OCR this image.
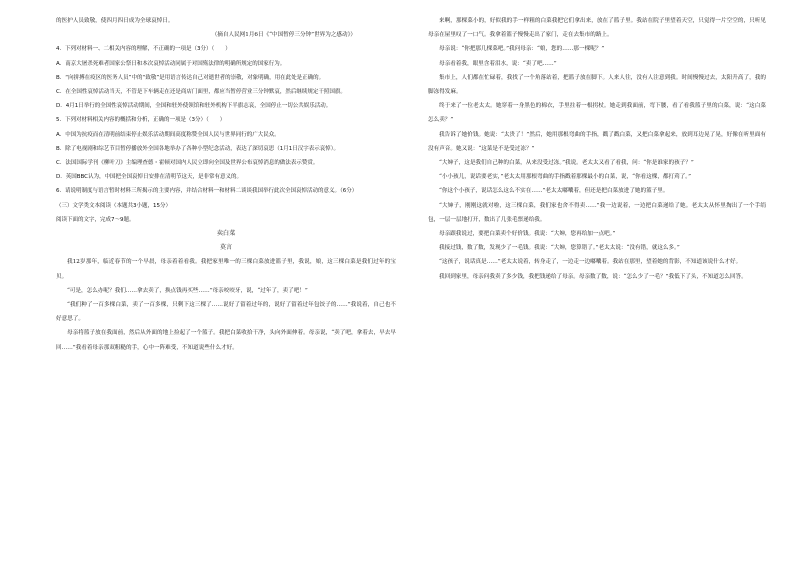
的医护人员致敬，使四月四日成为全球哀悼日。

（摘自人民网1月6日《“中国暂停三分钟”世界为之感动》）

4．下列对材料一、二相关内容的理解，不正确的一项是（3分）（　　）

A．南京大屠杀死难者国家公祭日和本次哀悼活动同属于对国殇法律的明确所规定的国家行为。

B．“向拼搏在疫区的医务人员”中的“致敬”是用语言传达自己对逝世者的崇敬，对象明确，用在此处是正确的。

C．在全国性哀悼活动当天，不管是下车辆走在还是商店门面里，都应当暂停营业三分钟默哀，然后继续规定干照国旗。

D．4月1日举行的全国性哀悼活动期间，全国和驻外使领馆和驻外机构下半旗志哀，全国停止一切公共娱乐活动。

5．下列对材料相关内容的概括和分析，正确的一项是（3分）（　　）

A．中国为抗疫而在清明前结束停止娱乐活动期间高度称赞全国人民与世界同行的广大民众。

B．除了电视剧和综艺节目暂停播放外全国各地举办了各种小型纪念活动，表达了深切哀思（1月1日汉字表示哀悼）。

C．法国国际学刊《柳叶刀》主编理查德・霍顿对国内人民立即向全国及世界公布哀悼消息的做法表示赞赏。

D．英国BBC认为，中国把全国哀悼日安排在清明节这天，是非常有意义的。

6．请说明制度与语言暂时材料三所揭示的主要内容，并结合材料一和材料二谈谈我国举行此次全国哀悼活动的意义。（6分）

（三）文学类文本阅读（本题共3小题，15分）

阅读下面的文字，完成7～9题。

卖白菜

莫言

我12岁那年，临近春节的一个早晨，母亲着着看我。我把家里唯一的三棵白菜放进篮子里，我说，娘，这三棵白菜是我们过年的宝贝。

“可是，怎么办呢？我们……拿去卖了，换点钱再买些……”母亲咬咬牙，说，“过年了，卖了吧！”

“我们种了一百多棵白菜，卖了一百多棵，只剩下这三棵了……说好了留着过年的，说好了留着过年包饺子的……”我说着，自己也不好意思了。

母亲将篮子放在我面前，然后从外面的地上捡起了一个篮子。我把白菜收拾干净，头向外面伸着。母亲说，“卖了吧，拿着去，早去早回……”我看着母亲那双粗糙的手，心中一阵难受，不知道说些什么才好。

来啊，那棵菜小的，好似我的手一样粗的白菜我把它们拿出来，放在了篮子里。我站在院子里望着天空，只觉得一片空空的，只听见母亲在屋里叹了一口气。我拿着篮子慢慢走出了家门，走在去集市的路上。

母亲说：“你把那几棵菜吧。”我问母亲：“娘，您的……那一棵呢？”

母亲看着我，眼里含着泪水，说：“卖了吧……”

集市上，人们都在忙碌着，我找了一个角落站着，把篮子放在脚下。人来人往，没有人注意到我。时间慢慢过去，太阳升高了，我的脚冻得发麻。

终于来了一位老太太。她穿着一身黑色的棉衣，手里拄着一根拐杖。她走到我面前，弯下腰，看了看我篮子里的白菜，说：“这白菜怎么卖？”

我告诉了她价钱。她说：“太贵了！”然后，她用那根弯曲的手指，戳了戳白菜，又把白菜拿起来，放到耳边晃了晃，好像在听里面有没有声音。她又说：“这菜是不是受过冻？”

“大婶子，这是我们自己种的白菜，从来没受过冻。”我说。老太太又看了看我，问：“你是谁家的孩子？”

“小小孩儿，说话要老实，”老太太用那根弯曲的手指戳着那棵最小的白菜，说，“你看这棵，都打蔫了。”

“你这个小孩子，说话怎么这么不实在……”老太太嘟囔着，但还是把白菜放进了她的篮子里。

“大婶子，刚刚这就对啦，这三棵白菜，我们家也舍不得卖……”我一边说着，一边把白菜递给了她。老太太从怀里掏出了一个手绢包，一层一层地打开，数出了几张毛票递给我。

母亲跟我说过，要把白菜卖个好价钱。我说：“大婶，您再给加一点吧。”

我接过钱，数了数，发现少了一毛钱。我说：“大婶，您算错了。”老太太说：“没有错，就这么多。”

“这孩子，说话真是……”老太太说着，转身走了，一边走一边嘟囔着。我站在那里，望着她的背影，不知道该说什么才好。

我回到家里，母亲问我卖了多少钱，我把钱递给了母亲。母亲数了数，说：“怎么少了一毛？”我低下了头，不知道怎么回答。
